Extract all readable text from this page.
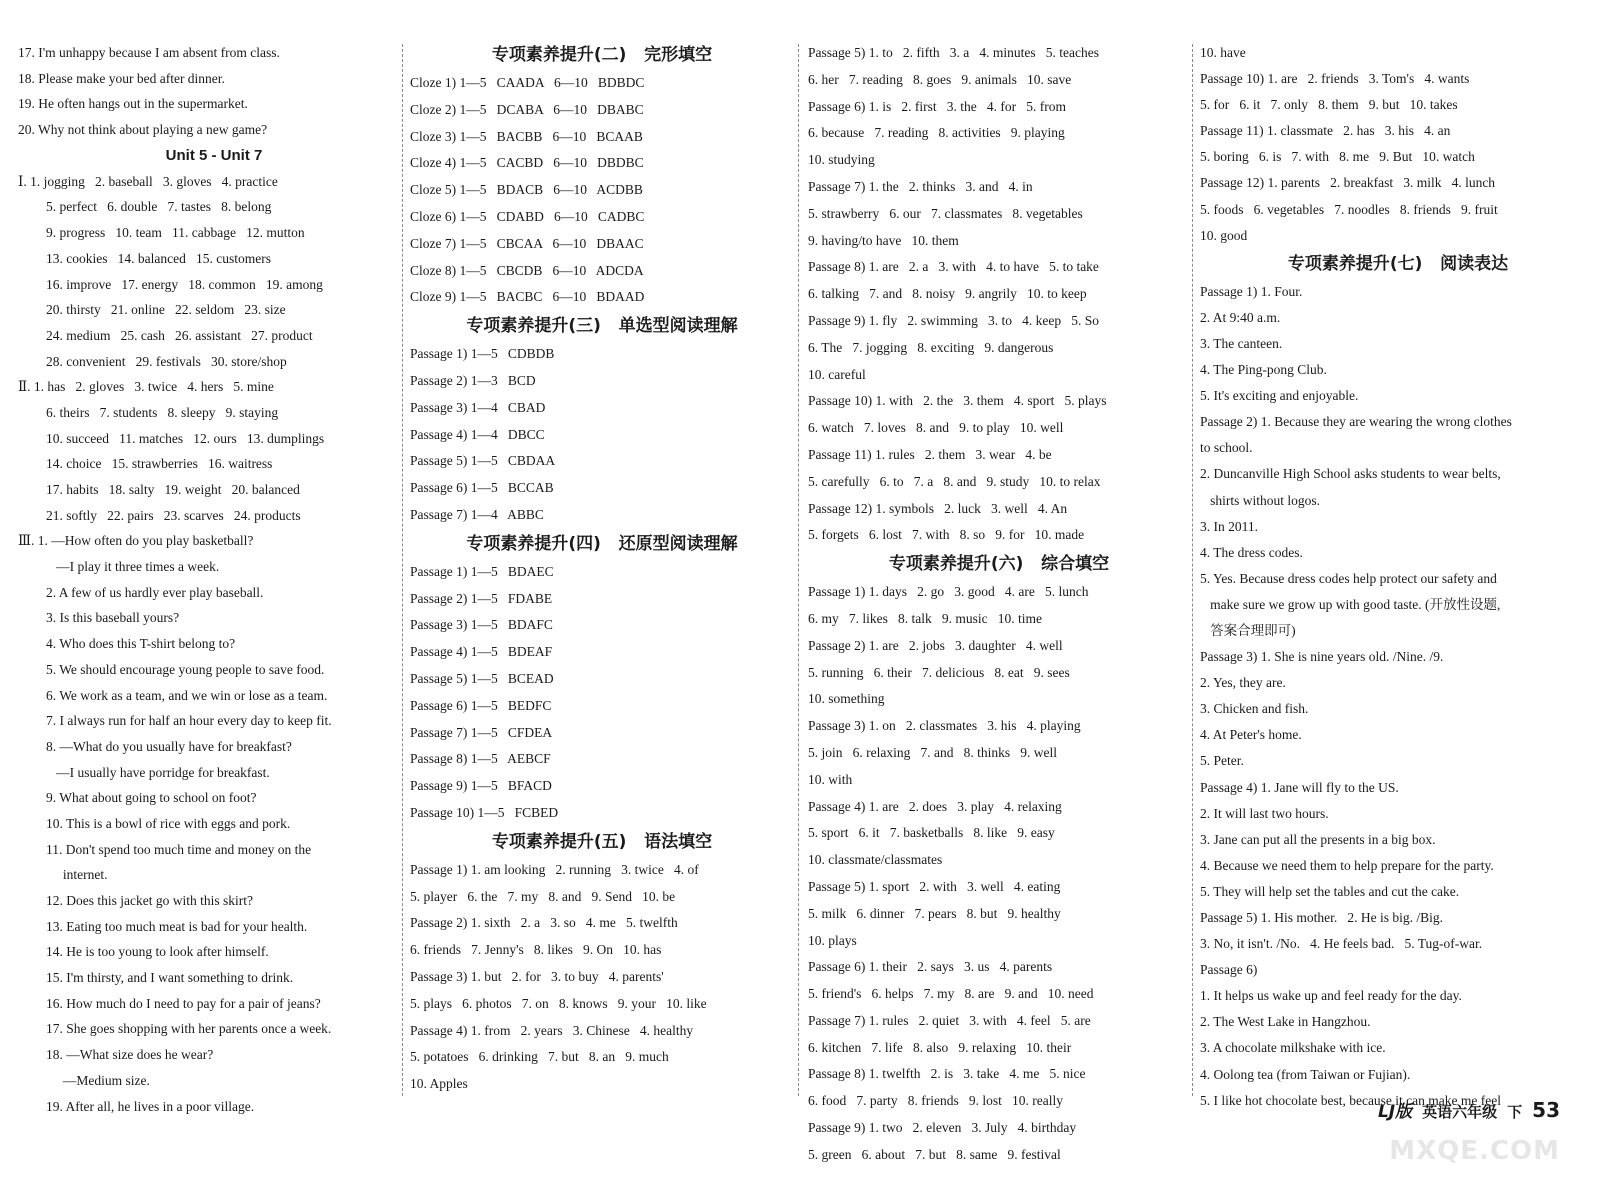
17. I'm unhappy because I am absent from class.
18. Please make your bed after dinner.
19. He often hangs out in the supermarket.
20. Why not think about playing a new game?
Unit 5 - Unit 7
Ⅰ. 1. jogging   2. baseball   3. gloves   4. practice
5. perfect   6. double   7. tastes   8. belong
9. progress   10. team   11. cabbage   12. mutton
13. cookies   14. balanced   15. customers
16. improve   17. energy   18. common   19. among
20. thirsty   21. online   22. seldom   23. size
24. medium   25. cash   26. assistant   27. product
28. convenient   29. festivals   30. store/shop
Ⅱ. 1. has   2. gloves   3. twice   4. hers   5. mine
6. theirs   7. students   8. sleepy   9. staying
10. succeed   11. matches   12. ours   13. dumplings
14. choice   15. strawberries   16. waitress
17. habits   18. salty   19. weight   20. balanced
21. softly   22. pairs   23. scarves   24. products
Ⅲ. 1. —How often do you play basketball?
—I play it three times a week.
2. A few of us hardly ever play baseball.
3. Is this baseball yours?
4. Who does this T-shirt belong to?
5. We should encourage young people to save food.
6. We work as a team, and we win or lose as a team.
7. I always run for half an hour every day to keep fit.
8. —What do you usually have for breakfast?
—I usually have porridge for breakfast.
9. What about going to school on foot?
10. This is a bowl of rice with eggs and pork.
11. Don't spend too much time and money on the
internet.
12. Does this jacket go with this skirt?
13. Eating too much meat is bad for your health.
14. He is too young to look after himself.
15. I'm thirsty, and I want something to drink.
16. How much do I need to pay for a pair of jeans?
17. She goes shopping with her parents once a week.
18. —What size does he wear?
—Medium size.
19. After all, he lives in a poor village.
专项素养提升(二)   完形填空
Cloze 1) 1—5   CAADA   6—10   BDBDC
Cloze 2) 1—5   DCABA   6—10   DBABC
Cloze 3) 1—5   BACBB   6—10   BCAAB
Cloze 4) 1—5   CACBD   6—10   DBDBC
Cloze 5) 1—5   BDACB   6—10   ACDBB
Cloze 6) 1—5   CDABD   6—10   CADBC
Cloze 7) 1—5   CBCAA   6—10   DBAAC
Cloze 8) 1—5   CBCDB   6—10   ADCDA
Cloze 9) 1—5   BACBC   6—10   BDAAD
专项素养提升(三)   单选型阅读理解
Passage 1) 1—5   CDBDB
Passage 2) 1—3   BCD
Passage 3) 1—4   CBAD
Passage 4) 1—4   DBCC
Passage 5) 1—5   CBDAA
Passage 6) 1—5   BCCAB
Passage 7) 1—4   ABBC
专项素养提升(四)   还原型阅读理解
Passage 1) 1—5   BDAEC
Passage 2) 1—5   FDABE
Passage 3) 1—5   BDAFC
Passage 4) 1—5   BDEAF
Passage 5) 1—5   BCEAD
Passage 6) 1—5   BEDFC
Passage 7) 1—5   CFDEA
Passage 8) 1—5   AEBCF
Passage 9) 1—5   BFACD
Passage 10) 1—5   FCBED
专项素养提升(五)   语法填空
Passage 1) 1. am looking   2. running   3. twice   4. of
5. player   6. the   7. my   8. and   9. Send   10. be
Passage 2) 1. sixth   2. a   3. so   4. me   5. twelfth
6. friends   7. Jenny's   8. likes   9. On   10. has
Passage 3) 1. but   2. for   3. to buy   4. parents'
5. plays   6. photos   7. on   8. knows   9. your   10. like
Passage 4) 1. from   2. years   3. Chinese   4. healthy
5. potatoes   6. drinking   7. but   8. an   9. much
10. Apples
Passage 5) 1. to   2. fifth   3. a   4. minutes   5. teaches
6. her   7. reading   8. goes   9. animals   10. save
Passage 6) 1. is   2. first   3. the   4. for   5. from
6. because   7. reading   8. activities   9. playing
10. studying
Passage 7) 1. the   2. thinks   3. and   4. in
5. strawberry   6. our   7. classmates   8. vegetables
9. having/to have   10. them
Passage 8) 1. are   2. a   3. with   4. to have   5. to take
6. talking   7. and   8. noisy   9. angrily   10. to keep
Passage 9) 1. fly   2. swimming   3. to   4. keep   5. So
6. The   7. jogging   8. exciting   9. dangerous
10. careful
Passage 10) 1. with   2. the   3. them   4. sport   5. plays
6. watch   7. loves   8. and   9. to play   10. well
Passage 11) 1. rules   2. them   3. wear   4. be
5. carefully   6. to   7. a   8. and   9. study   10. to relax
Passage 12) 1. symbols   2. luck   3. well   4. An
5. forgets   6. lost   7. with   8. so   9. for   10. made
专项素养提升(六)   综合填空
Passage 1) 1. days   2. go   3. good   4. are   5. lunch
6. my   7. likes   8. talk   9. music   10. time
Passage 2) 1. are   2. jobs   3. daughter   4. well
5. running   6. their   7. delicious   8. eat   9. sees
10. something
Passage 3) 1. on   2. classmates   3. his   4. playing
5. join   6. relaxing   7. and   8. thinks   9. well
10. with
Passage 4) 1. are   2. does   3. play   4. relaxing
5. sport   6. it   7. basketballs   8. like   9. easy
10. classmate/classmates
Passage 5) 1. sport   2. with   3. well   4. eating
5. milk   6. dinner   7. pears   8. but   9. healthy
10. plays
Passage 6) 1. their   2. says   3. us   4. parents
5. friend's   6. helps   7. my   8. are   9. and   10. need
Passage 7) 1. rules   2. quiet   3. with   4. feel   5. are
6. kitchen   7. life   8. also   9. relaxing   10. their
Passage 8) 1. twelfth   2. is   3. take   4. me   5. nice
6. food   7. party   8. friends   9. lost   10. really
Passage 9) 1. two   2. eleven   3. July   4. birthday
5. green   6. about   7. but   8. same   9. festival
10. have
Passage 10) 1. are   2. friends   3. Tom's   4. wants
5. for   6. it   7. only   8. them   9. but   10. takes
Passage 11) 1. classmate   2. has   3. his   4. an
5. boring   6. is   7. with   8. me   9. But   10. watch
Passage 12) 1. parents   2. breakfast   3. milk   4. lunch
5. foods   6. vegetables   7. noodles   8. friends   9. fruit
10. good
专项素养提升(七)   阅读表达
Passage 1) 1. Four.
2. At 9:40 a.m.
3. The canteen.
4. The Ping-pong Club.
5. It's exciting and enjoyable.
Passage 2) 1. Because they are wearing the wrong clothes
to school.
2. Duncanville High School asks students to wear belts,
shirts without logos.
3. In 2011.
4. The dress codes.
5. Yes. Because dress codes help protect our safety and
make sure we grow up with good taste. (开放性设题,
答案合理即可)
Passage 3) 1. She is nine years old. /Nine. /9.
2. Yes, they are.
3. Chicken and fish.
4. At Peter's home.
5. Peter.
Passage 4) 1. Jane will fly to the US.
2. It will last two hours.
3. Jane can put all the presents in a big box.
4. Because we need them to help prepare for the party.
5. They will help set the tables and cut the cake.
Passage 5) 1. His mother.   2. He is big. /Big.
3. No, it isn't. /No.   4. He feels bad.   5. Tug-of-war.
Passage 6)
1. It helps us wake up and feel ready for the day.
2. The West Lake in Hangzhou.
3. A chocolate milkshake with ice.
4. Oolong tea (from Taiwan or Fujian).
5. I like hot chocolate best, because it can make me feel
LJ版 英语六年级 下 53
MXQE.COM
